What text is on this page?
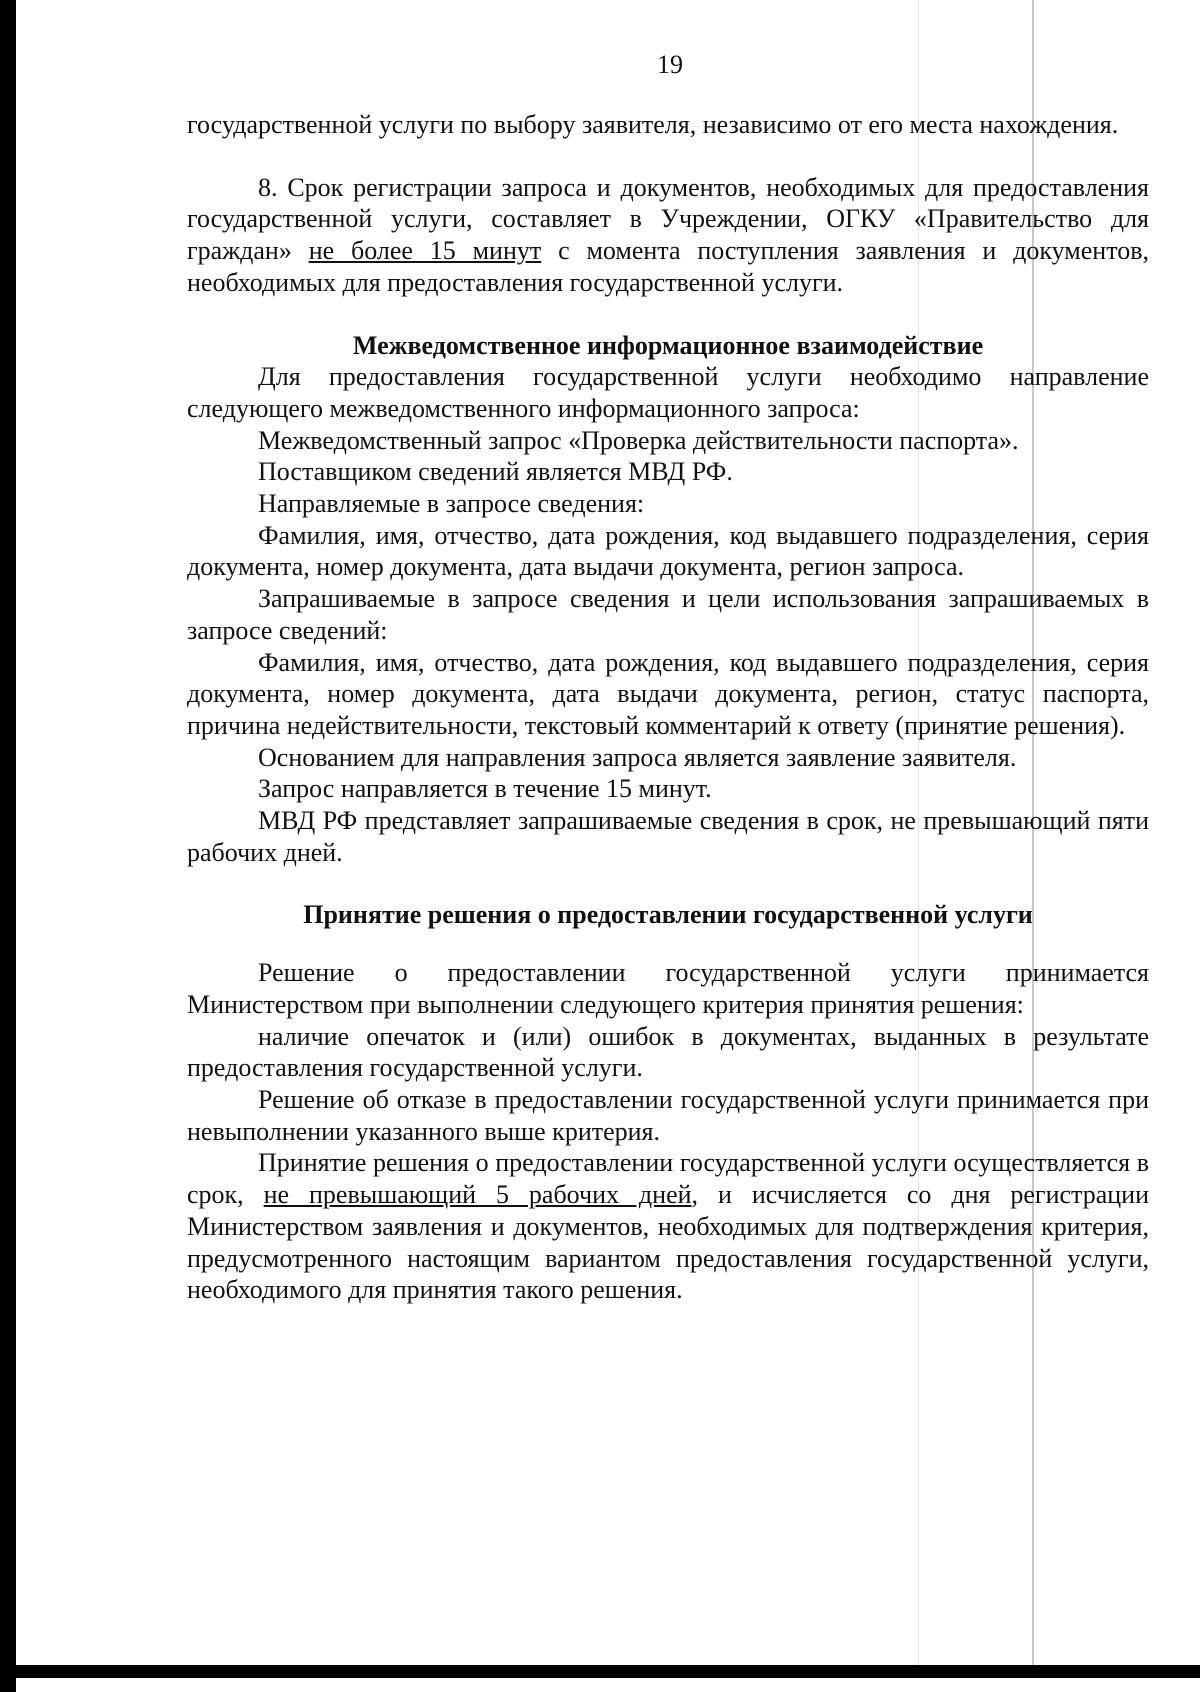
19

государственной услуги по выбору заявителя, независимо от его места нахождения.

8. Срок регистрации запроса и документов, необходимых для предоставления государственной услуги, составляет в Учреждении, ОГКУ «Правительство для граждан» не более 15 минут с момента поступления заявления и документов, необходимых для предоставления государственной услуги.

Межведомственное информационное взаимодействие

Для предоставления государственной услуги необходимо направление следующего межведомственного информационного запроса:

Межведомственный запрос «Проверка действительности паспорта».

Поставщиком сведений является МВД РФ.

Направляемые в запросе сведения:

Фамилия, имя, отчество, дата рождения, код выдавшего подразделения, серия документа, номер документа, дата выдачи документа, регион запроса.

Запрашиваемые в запросе сведения и цели использования запрашиваемых в запросе сведений:

Фамилия, имя, отчество, дата рождения, код выдавшего подразделения, серия документа, номер документа, дата выдачи документа, регион, статус паспорта, причина недействительности, текстовый комментарий к ответу (принятие решения).

Основанием для направления запроса является заявление заявителя.

Запрос направляется в течение 15 минут.

МВД РФ представляет запрашиваемые сведения в срок, не превышающий пяти рабочих дней.

Принятие решения о предоставлении государственной услуги

Решение о предоставлении государственной услуги принимается Министерством при выполнении следующего критерия принятия решения:

наличие опечаток и (или) ошибок в документах, выданных в результате предоставления государственной услуги.

Решение об отказе в предоставлении государственной услуги принимается при невыполнении указанного выше критерия.

Принятие решения о предоставлении государственной услуги осуществляется в срок, не превышающий 5 рабочих дней, и исчисляется со дня регистрации Министерством заявления и документов, необходимых для подтверждения критерия, предусмотренного настоящим вариантом предоставления государственной услуги, необходимого для принятия такого решения.
